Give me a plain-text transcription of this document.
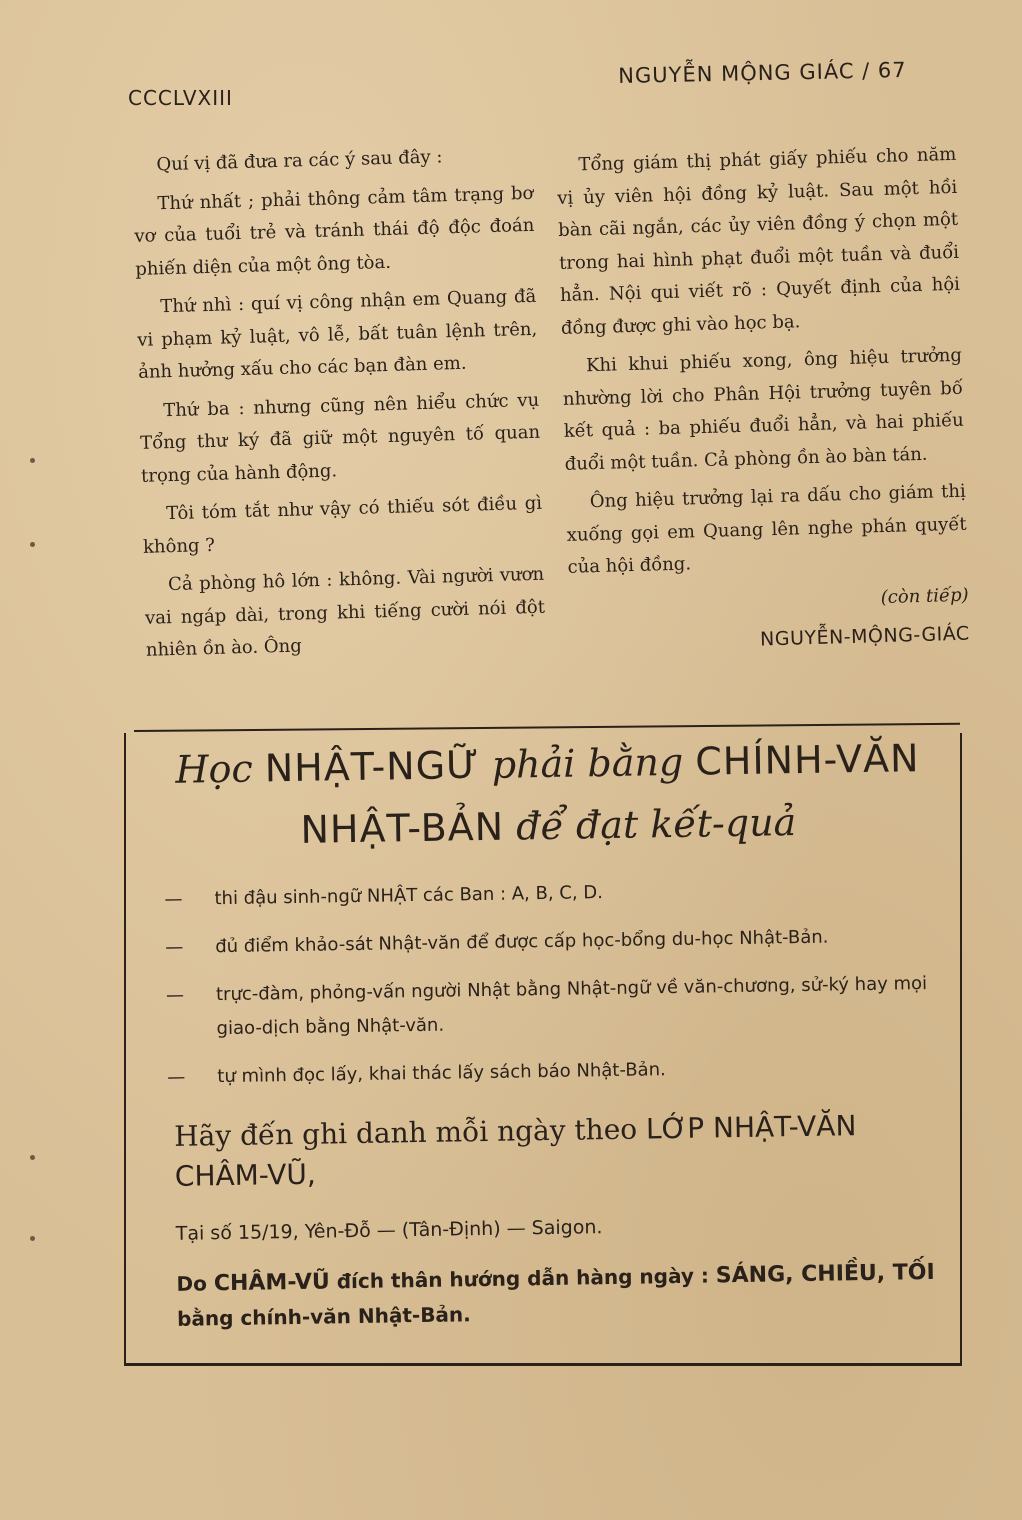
CCCLVXIII
NGUYỄN MỘNG GIÁC / 67

Quí vị đã đưa ra các ý sau đây :

Thứ nhất ; phải thông cảm tâm trạng bơ vơ của tuổi trẻ và tránh thái độ độc đoán phiến diện của một ông tòa.

Thứ nhì : quí vị công nhận em Quang đã vi phạm kỷ luật, vô lễ, bất tuân lệnh trên, ảnh hưởng xấu cho các bạn đàn em.

Thứ ba : nhưng cũng nên hiểu chức vụ Tổng thư ký đã giữ một nguyên tố quan trọng của hành động.

Tôi tóm tắt như vậy có thiếu sót điều gì không ?

Cả phòng hô lớn : không. Vài người vươn vai ngáp dài, trong khi tiếng cười nói đột nhiên ồn ào. Ông

Tổng giám thị phát giấy phiếu cho năm vị ủy viên hội đồng kỷ luật. Sau một hồi bàn cãi ngắn, các ủy viên đồng ý chọn một trong hai hình phạt đuổi một tuần và đuổi hẳn. Nội qui viết rõ : Quyết định của hội đồng được ghi vào học bạ.

Khi khui phiếu xong, ông hiệu trưởng nhường lời cho Phân Hội trưởng tuyên bố kết quả : ba phiếu đuổi hẳn, và hai phiếu đuổi một tuần. Cả phòng ồn ào bàn tán.

Ông hiệu trưởng lại ra dấu cho giám thị xuống gọi em Quang lên nghe phán quyết của hội đồng.

(còn tiếp)

NGUYỄN-MỘNG-GIÁC

Học NHẬT-NGỮ phải bằng CHÍNH-VĂN

NHẬT-BẢN để đạt kết-quả

— thi đậu sinh-ngữ NHẬT các Ban : A, B, C, D.
— đủ điểm khảo-sát Nhật-văn để được cấp học-bổng du-học Nhật-Bản.
— trực-đàm, phỏng-vấn người Nhật bằng Nhật-ngữ về văn-chương, sử-ký hay mọi giao-dịch bằng Nhật-văn.
— tự mình đọc lấy, khai thác lấy sách báo Nhật-Bản.

Hãy đến ghi danh mỗi ngày theo LỚP NHẬT-VĂN CHÂM-VŨ,

Tại số 15/19, Yên-Đỗ — (Tân-Định) — Saigon.

Do CHÂM-VŨ đích thân hướng dẫn hàng ngày : SÁNG, CHIỀU, TỐI bằng chính-văn Nhật-Bản.
